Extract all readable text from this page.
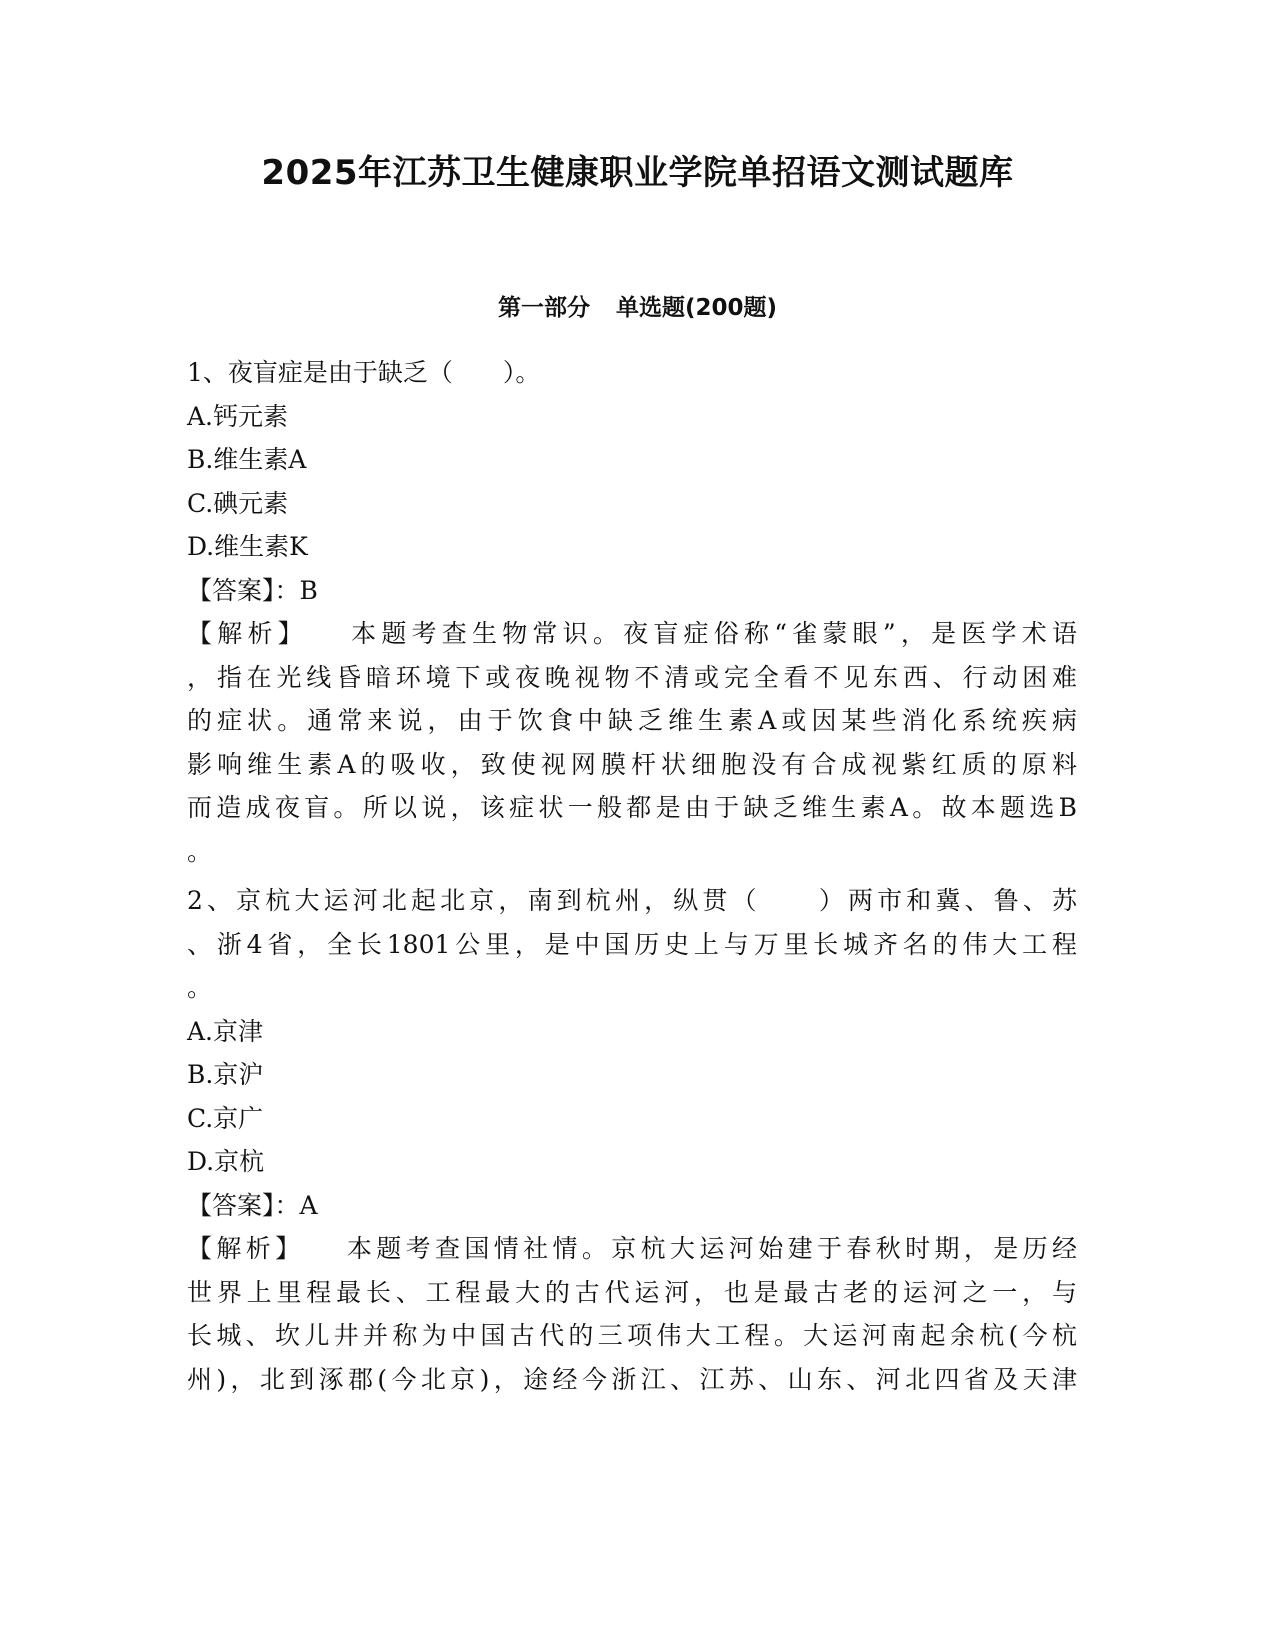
2025年江苏卫生健康职业学院单招语文测试题库
第一部分 单选题(200题)
1、夜盲症是由于缺乏（　　）。
A.钙元素
B.维生素A
C.碘元素
D.维生素K
【答案】：B
【解析】 本题考查生物常识。夜盲症俗称“雀蒙眼”，是医学术语
，指在光线昏暗环境下或夜晚视物不清或完全看不见东西、行动困难
的症状。通常来说，由于饮食中缺乏维生素A或因某些消化系统疾病
影响维生素A的吸收，致使视网膜杆状细胞没有合成视紫红质的原料
而造成夜盲。所以说，该症状一般都是由于缺乏维生素A。故本题选B
。
2、京杭大运河北起北京，南到杭州，纵贯（　　）两市和冀、鲁、苏
、浙4省，全长1801公里，是中国历史上与万里长城齐名的伟大工程
。
A.京津
B.京沪
C.京广
D.京杭
【答案】：A
【解析】 本题考查国情社情。京杭大运河始建于春秋时期，是历经
世界上里程最长、工程最大的古代运河，也是最古老的运河之一，与
长城、坎儿井并称为中国古代的三项伟大工程。大运河南起余杭(今杭
州)，北到涿郡(今北京)，途经今浙江、江苏、山东、河北四省及天津
